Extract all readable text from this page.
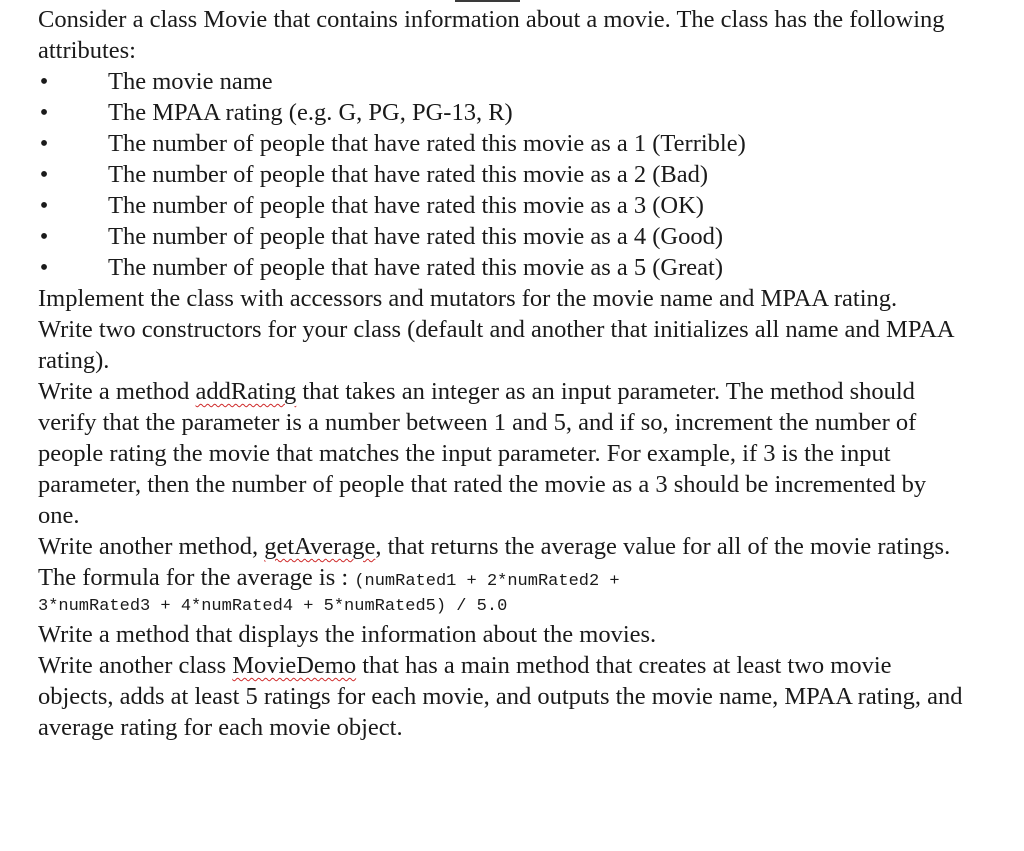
Consider a class Movie that contains information about a movie. The class has the following attributes:

• The movie name
• The MPAA rating (e.g. G, PG, PG-13, R)
• The number of people that have rated this movie as a 1 (Terrible)
• The number of people that have rated this movie as a 2 (Bad)
• The number of people that have rated this movie as a 3 (OK)
• The number of people that have rated this movie as a 4 (Good)
• The number of people that have rated this movie as a 5 (Great)

Implement the class with accessors and mutators for the movie name and MPAA rating.

Write two constructors for your class (default and another that initializes all name and MPAA rating).

Write a method addRating that takes an integer as an input parameter. The method should verify that the parameter is a number between 1 and 5, and if so, increment the number of people rating the movie that matches the input parameter. For example, if 3 is the input parameter, then the number of people that rated the movie as a 3 should be incremented by one.

Write another method, getAverage, that returns the average value for all of the movie ratings. The formula for the average is : (numRated1 + 2*numRated2 +

3*numRated3 + 4*numRated4 + 5*numRated5) / 5.0

Write a method that displays the information about the movies.

Write another class MovieDemo that has a main method that creates at least two movie objects, adds at least 5 ratings for each movie, and outputs the movie name, MPAA rating, and average rating for each movie object.
